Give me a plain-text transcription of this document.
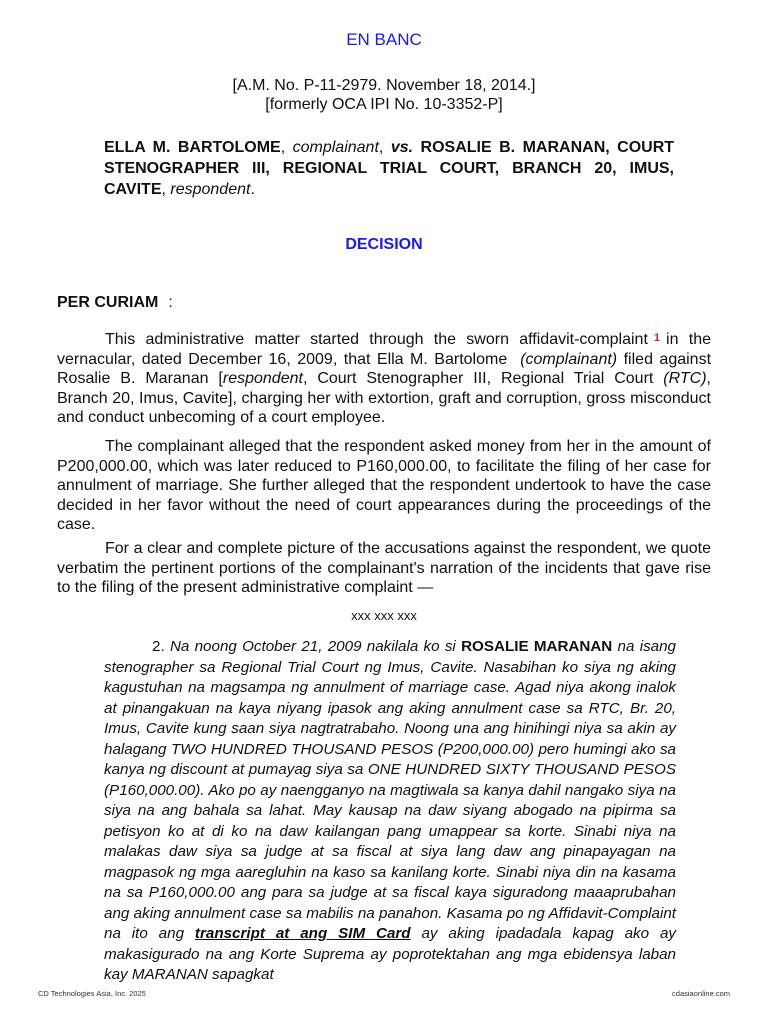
EN BANC
[A.M. No. P-11-2979. November 18, 2014.]
[formerly OCA IPI No. 10-3352-P]
ELLA M. BARTOLOME, complainant, vs. ROSALIE B. MARANAN, COURT STENOGRAPHER III, REGIONAL TRIAL COURT, BRANCH 20, IMUS, CAVITE, respondent.
DECISION
PER CURIAM :

This administrative matter started through the sworn affidavit-complaint 1 in the vernacular, dated December 16, 2009, that Ella M. Bartolome (complainant) filed against Rosalie B. Maranan [respondent, Court Stenographer III, Regional Trial Court (RTC), Branch 20, Imus, Cavite], charging her with extortion, graft and corruption, gross misconduct and conduct unbecoming of a court employee.

The complainant alleged that the respondent asked money from her in the amount of P200,000.00, which was later reduced to P160,000.00, to facilitate the filing of her case for annulment of marriage. She further alleged that the respondent undertook to have the case decided in her favor without the need of court appearances during the proceedings of the case.

For a clear and complete picture of the accusations against the respondent, we quote verbatim the pertinent portions of the complainant's narration of the incidents that gave rise to the filing of the present administrative complaint —

xxx xxx xxx

2. Na noong October 21, 2009 nakilala ko si ROSALIE MARANAN na isang stenographer sa Regional Trial Court ng Imus, Cavite. Nasabihan ko siya ng aking kagustuhan na magsampa ng annulment of marriage case. Agad niya akong inalok at pinangakuan na kaya niyang ipasok ang aking annulment case sa RTC, Br. 20, Imus, Cavite kung saan siya nagtratrabaho. Noong una ang hinihingi niya sa akin ay halagang TWO HUNDRED THOUSAND PESOS (P200,000.00) pero humingi ako sa kanya ng discount at pumayag siya sa ONE HUNDRED SIXTY THOUSAND PESOS (P160,000.00). Ako po ay naengganyo na magtiwala sa kanya dahil nangako siya na siya na ang bahala sa lahat. May kausap na daw siyang abogado na pipirma sa petisyon ko at di ko na daw kailangan pang umappear sa korte. Sinabi niya na malakas daw siya sa judge at sa fiscal at siya lang daw ang pinapayagan na magpasok ng mga aaregluhin na kaso sa kanilang korte. Sinabi niya din na kasama na sa P160,000.00 ang para sa judge at sa fiscal kaya siguradong maaaprubahan ang aking annulment case sa mabilis na panahon. Kasama po ng Affidavit-Complaint na ito ang transcript at ang SIM Card ay aking ipadadala kapag ako ay makasigurado na ang Korte Suprema ay poprotektahan ang mga ebidensya laban kay MARANAN sapagkat

CD Technologies Asia, Inc. 2025	cdasiaonline.com
